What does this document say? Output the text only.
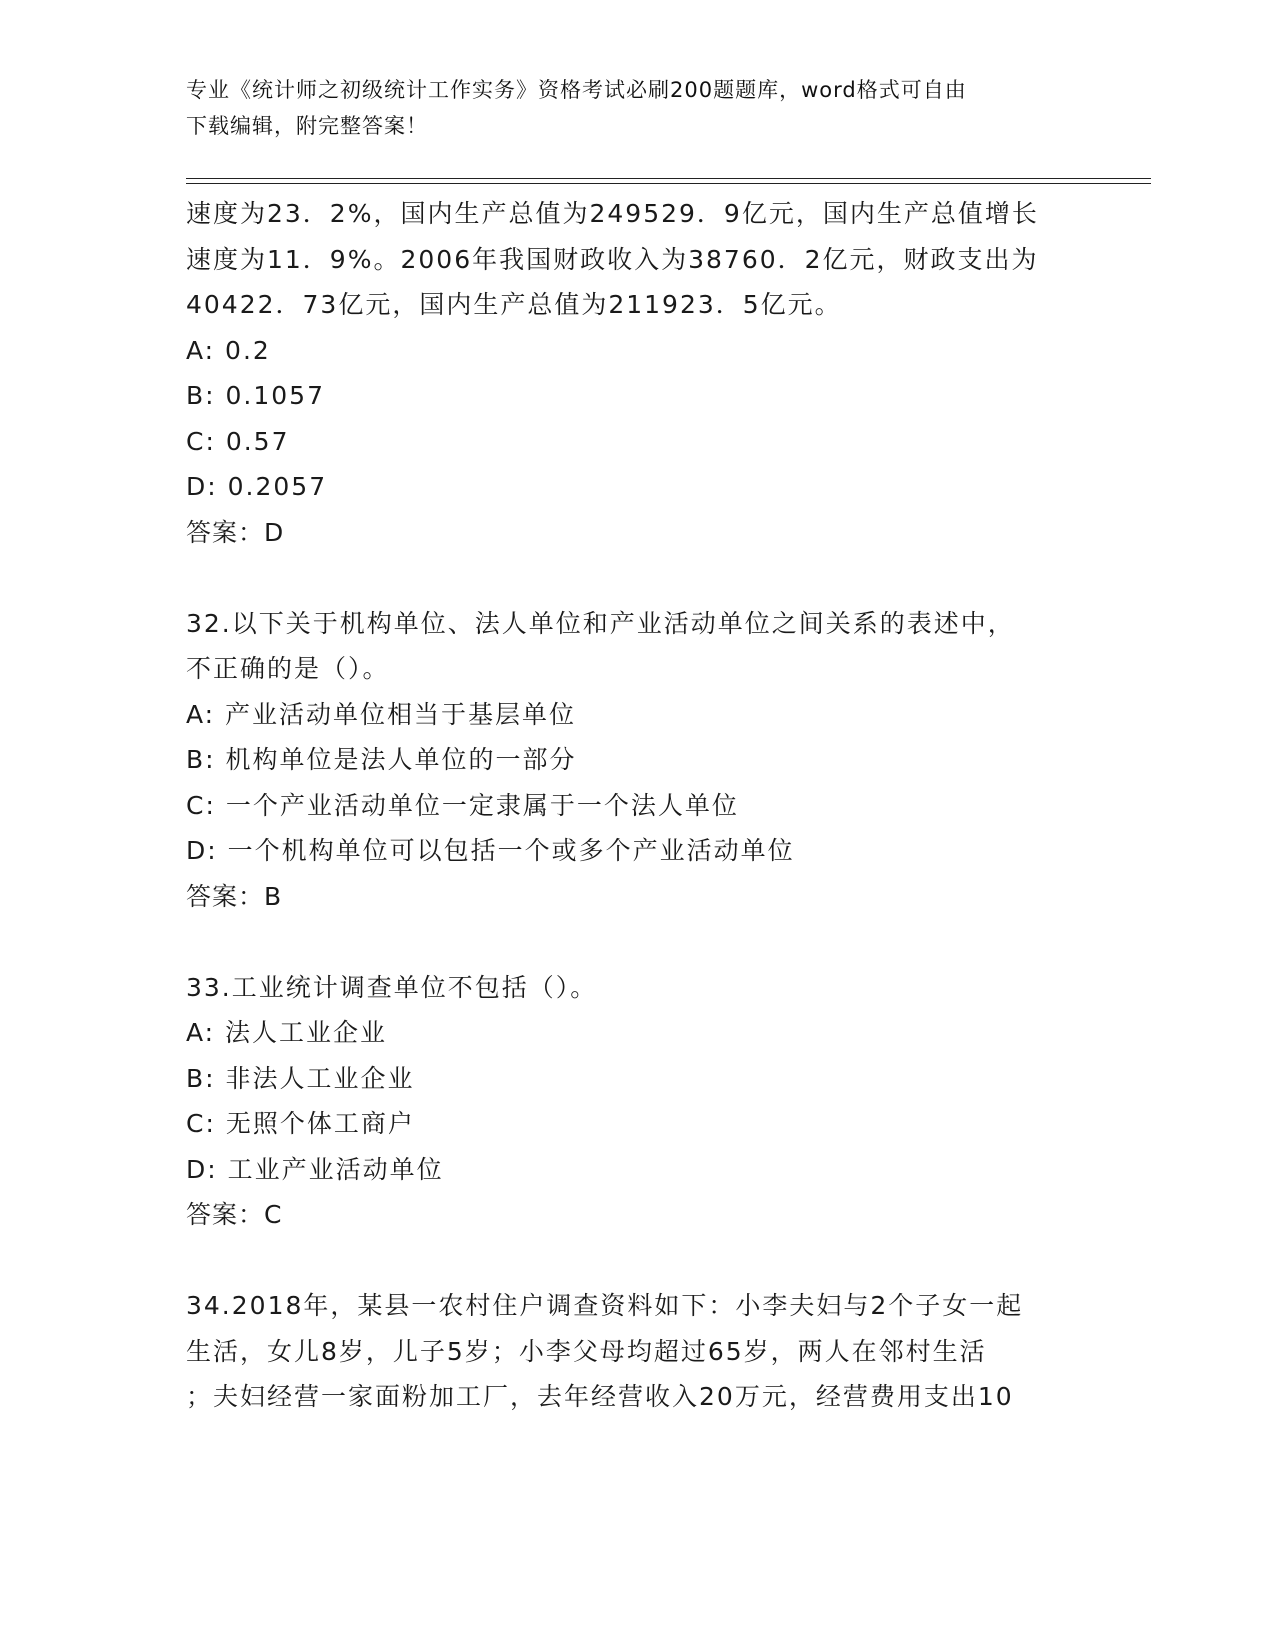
专业《统计师之初级统计工作实务》资格考试必刷200题题库，word格式可自由
下载编辑，附完整答案！
速度为23．2%，国内生产总值为249529．9亿元，国内生产总值增长
速度为11．9%。2006年我国财政收入为38760．2亿元，财政支出为
40422．73亿元，国内生产总值为211923．5亿元。
A: 0.2
B: 0.1057
C: 0.57
D: 0.2057
答案：D
32.以下关于机构单位、法人单位和产业活动单位之间关系的表述中，
不正确的是（）。
A: 产业活动单位相当于基层单位
B: 机构单位是法人单位的一部分
C: 一个产业活动单位一定隶属于一个法人单位
D: 一个机构单位可以包括一个或多个产业活动单位
答案：B
33.工业统计调查单位不包括（）。
A: 法人工业企业
B: 非法人工业企业
C: 无照个体工商户
D: 工业产业活动单位
答案：C
34.2018年，某县一农村住户调查资料如下：小李夫妇与2个子女一起
生活，女儿8岁，儿子5岁；小李父母均超过65岁，两人在邻村生活
；夫妇经营一家面粉加工厂，去年经营收入20万元，经营费用支出10
